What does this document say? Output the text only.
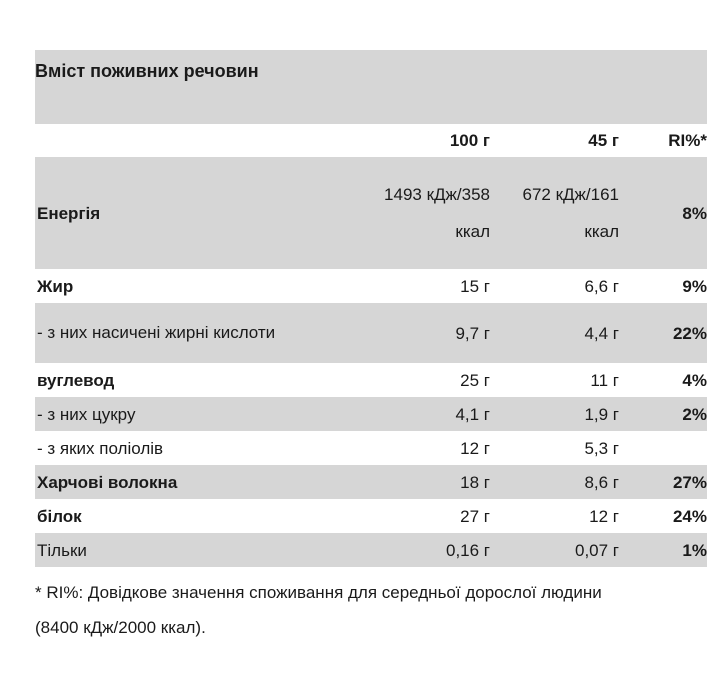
Вміст поживних речовин			
	100 г	45 г	RI%*
Енергія	1493 кДж/358 ккал	672 кДж/161 ккал	8%
Жир	15 г	6,6 г	9%
- з них насичені жирні кислоти	9,7 г	4,4 г	22%
вуглевод	25 г	11 г	4%
- з них цукру	4,1 г	1,9 г	2%
- з яких поліолів	12 г	5,3 г	
Харчові волокна	18 г	8,6 г	27%
білок	27 г	12 г	24%
Тільки	0,16 г	0,07 г	1%
* RI%: Довідкове значення споживання для середньої дорослої людини (8400 кДж/2000 ккал).
